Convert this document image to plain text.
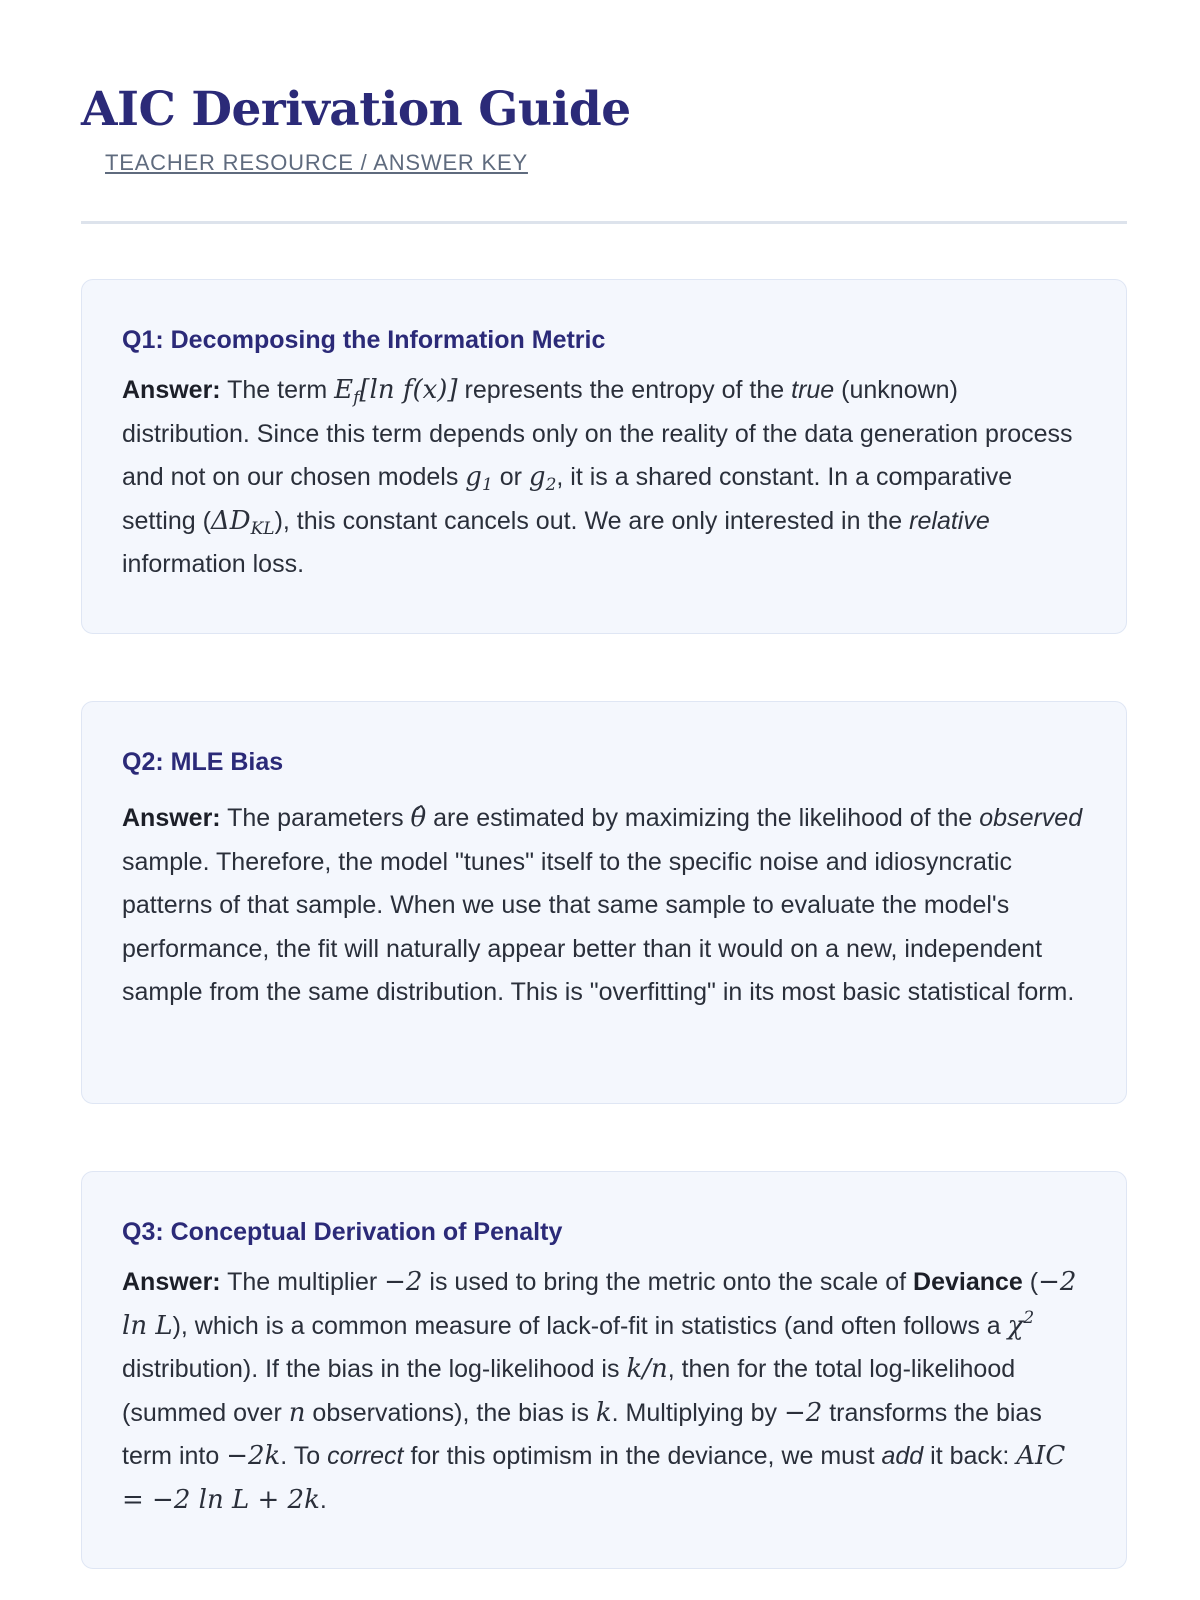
AIC Derivation Guide
TEACHER RESOURCE / ANSWER KEY
Q1: Decomposing the Information Metric

Answer: The term $E_f[\ln$ f(x)] represents the entropy of the true (unknown) distribution. Since this term depends only on the reality of the data generation process and not on our chosen models $g_1$ or $g_2$, it is a shared constant. In a comparative setting $(\Delta D_{KL})$, this constant cancels out. We are only interested in the relative information loss.

Q2: MLE Bias

Answer: The parameters θ̂ are estimated by maximizing the likelihood of the observed sample. Therefore, the model "tunes" itself to the specific noise and idiosyncratic patterns of that sample. When we use that same sample to evaluate the model's performance, the fit will naturally appear better than it would on a new, independent sample from the same distribution. This is "overfitting" in its most basic statistical form.

Q3: Conceptual Derivation of Penalty

Answer: The multiplier −2 is used to bring the metric onto the scale of Deviance (−2 ln L), which is a common measure of lack-of-fit in statistics (and often follows a $\chi^2$ distribution). If the bias in the log-likelihood is k/n, then for the total log-likelihood (summed over n observations), the bias is k. Multiplying by −2 transforms the bias term into −2k. To correct for this optimism in the deviance, we must add it back: AIC = −2 ln L + 2k.
